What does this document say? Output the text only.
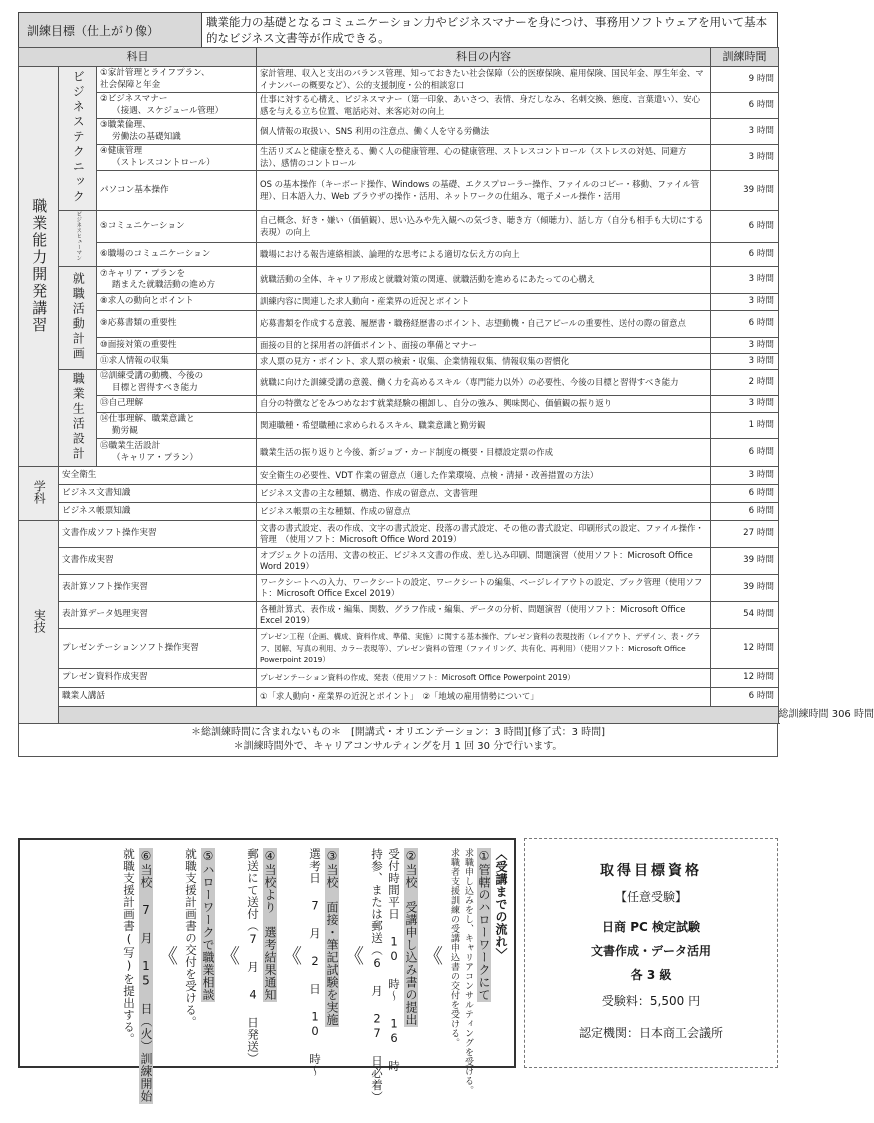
訓練目標（仕上がり像）
職業能力の基礎となるコミュニケーション力やビジネスマナーを身につけ、事務用ソフトウェアを用いて基本的なビジネス文書等が作成できる。
科目			科目の内容	訓練時間	
職業能力開発講習	ビジネステクニック	①家計管理とライフプラン、
社会保障と年金	家計管理、収入と支出のバランス管理、知っておきたい社会保障（公的医療保険、雇用保険、国民年金、厚生年金、マイナンバーの概要など）、公的支援制度・公的相談窓口	9 時間	
		②ビジネスマナー
（接遇、スケジュール管理）	仕事に対する心構え、ビジネスマナー（第一印象、あいさつ、表情、身だしなみ、名刺交換、態度、言葉遣い）、安心感を与える立ち位置、電話応対、来客応対の向上	6 時間	
		③職業倫理、
労働法の基礎知識	個人情報の取扱い、SNS 利用の注意点、働く人を守る労働法	3 時間	
		④健康管理
（ストレスコントロール）	生活リズムと健康を整える、働く人の健康管理、心の健康管理、ストレスコントロール（ストレスの対処、同避方法）、感情のコントロール	3 時間	
		パソコン基本操作	OS の基本操作（キーボード操作、Windows の基礎、エクスプローラー操作、ファイルのコピー・移動、ファイル管理）、日本語入力、Web ブラウザの操作・活用、ネットワークの仕組み、電子メール操作・活用	39 時間	
	ビジネスヒューマン	⑤コミュニケーション	自己概念、好き・嫌い（価値観）、思い込みや先入観への気づき、聴き方（傾聴力）、話し方（自分も相手も大切にする表現）の向上	6 時間	
		⑥職場のコミュニケーション	職場における報告連絡相談、論理的な思考による適切な伝え方の向上	6 時間	
	就職活動計画	⑦キャリア・プランを
踏まえた就職活動の進め方	就職活動の全体、キャリア形成と就職対策の関連、就職活動を進めるにあたっての心構え	3 時間	
		⑧求人の動向とポイント	訓練内容に関連した求人動向・産業界の近況とポイント	3 時間	
		⑨応募書類の重要性	応募書類を作成する意義、履歴書・職務経歴書のポイント、志望動機・自己アピールの重要性、送付の際の留意点	6 時間	
		⑩面接対策の重要性	面接の目的と採用者の評価ポイント、面接の準備とマナー	3 時間	
		⑪求人情報の収集	求人票の見方・ポイント、求人票の検索・収集、企業情報収集、情報収集の習慣化	3 時間	
	職業生活設計	⑫訓練受講の動機、今後の
目標と習得すべき能力	就職に向けた訓練受講の意義、働く力を高めるスキル（専門能力以外）の必要性、今後の目標と習得すべき能力	2 時間	
		⑬自己理解	自分の特徴などをみつめなおす就業経験の棚卸し、自分の強み、興味関心、価値観の振り返り	3 時間	
		⑭仕事理解、職業意識と
勤労観	関連職種・希望職種に求められるスキル、職業意識と勤労観	1 時間	
		⑮職業生活設計
（キャリア・プラン）	職業生活の振り返りと今後、新ジョブ・カード制度の概要・目標設定票の作成	6 時間	
学科	安全衛生		安全衛生の必要性、VDT 作業の留意点（適した作業環境、点検・清掃・改善措置の方法）	3 時間	
	ビジネス文書知識		ビジネス文書の主な種類、構造、作成の留意点、文書管理	6 時間	
	ビジネス帳票知識		ビジネス帳票の主な種類、作成の留意点	6 時間	
実技	文書作成ソフト操作実習		文書の書式設定、表の作成、文字の書式設定、段落の書式設定、その他の書式設定、印刷形式の設定、ファイル操作・管理　（使用ソフト：Microsoft Office Word 2019）	27 時間	
	文書作成実習		オブジェクトの活用、文書の校正、ビジネス文書の作成、差し込み印刷、問題演習（使用ソフト：Microsoft Office Word 2019）	39 時間	
	表計算ソフト操作実習		ワークシートへの入力、ワークシートの設定、ワークシートの編集、ページレイアウトの設定、ブック管理（使用ソフト：Microsoft Office Excel 2019）	39 時間	
	表計算データ処理実習		各種計算式、表作成・編集、関数、グラフ作成・編集、データの分析、問題演習（使用ソフト：Microsoft Office Excel 2019）	54 時間	
	プレゼンテーションソフト操作実習		プレゼン工程（企画、構成、資料作成、準備、実施）に関する基本操作、プレゼン資料の表現技術（レイアウト、デザイン、表・グラフ、図解、写真の利用、カラー表現等）、プレゼン資料の管理（ファイリング、共有化、再利用）（使用ソフト：Microsoft Office Powerpoint 2019）	12 時間	
	プレゼン資料作成実習		プレゼンテーション資料の作成、発表（使用ソフト：Microsoft Office Powerpoint 2019）	12 時間	
	職業人講話		①「求人動向・産業界の近況とポイント」　②「地域の雇用情勢について」	6 時間	
					総訓練時間 306 時間
＊総訓練時間に含まれないもの＊　[開講式・オリエンテーション：3 時間][修了式：3 時間]
＊訓練時間外で、キャリアコンサルティングを月 1 回 30 分で行います。
〈受講までの流れ〉
①管轄のハローワークにて
求職申し込みをし、キャリアコンサルティングを受ける。
求職者支援訓練の受講申込書の交付を受ける。
《
②当校　受講申し込み書の提出
受付時間平日 10 時～ 16 時
持参、または郵送（6 月 27 日必着）
《
③当校　面接・筆記試験を実施
選考日 7 月 2 日 10 時～
《
④当校より　選考結果通知
郵送にて送付（7 月 4 日発送）
《
⑤ハローワークで職業相談
就職支援計画書の交付を受ける。
《
⑥当校 7 月 15 日（火）訓練開始
就職支援計画書(写)を提出する。	取得目標資格
【任意受験】
日商 PC 検定試験
文書作成・データ活用
各 3 級
受験料：5,500 円
認定機関：日本商工会議所
